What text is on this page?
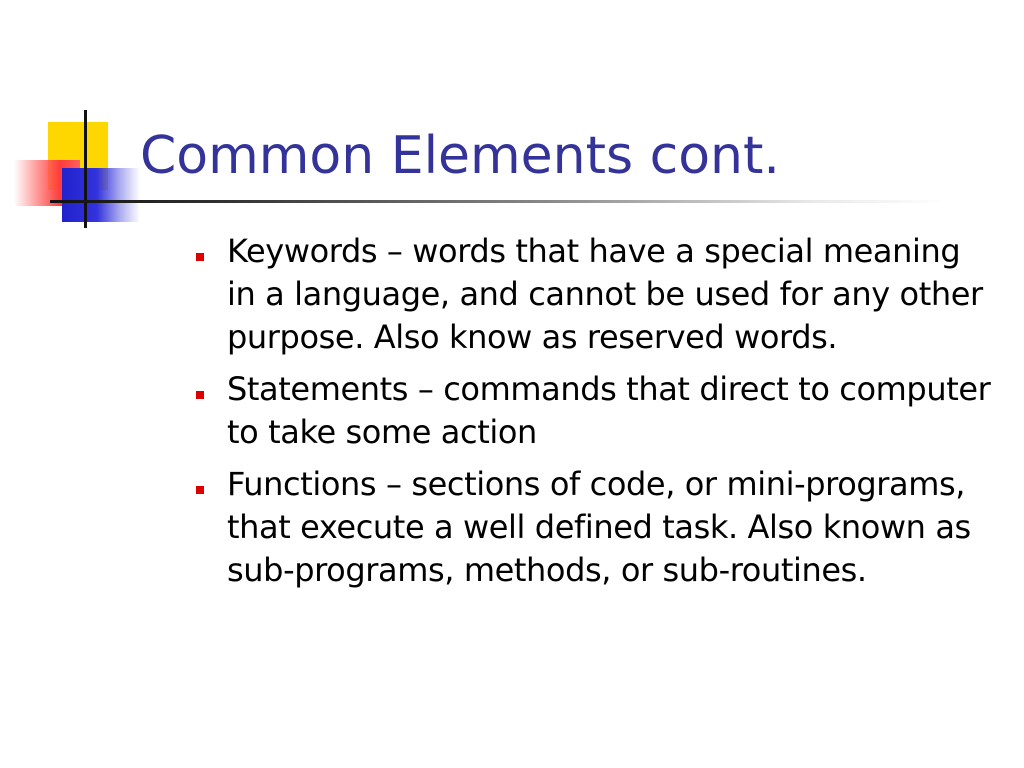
Common Elements cont.
Keywords – words that have a special meaning in a language, and cannot be used for any other purpose. Also know as reserved words.
Statements – commands that direct to computer to take some action
Functions – sections of code, or mini-programs, that execute a well defined task. Also known as sub-programs, methods, or sub-routines.
